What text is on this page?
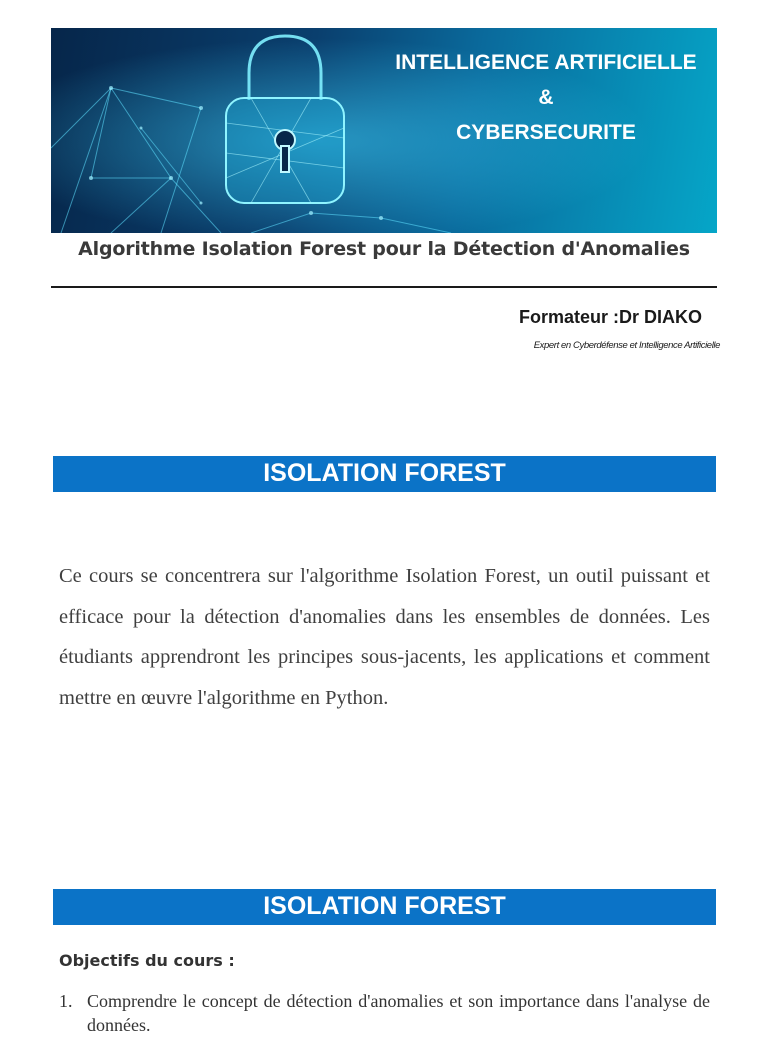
INTELLIGENCE ARTIFICIELLE
&
CYBERSECURITE
Algorithme Isolation Forest pour la Détection d'Anomalies
Formateur :Dr DIAKO
Expert en Cyberdéfense et Intelligence Artificielle
ISOLATION FOREST
Ce cours se concentrera sur l'algorithme Isolation Forest, un outil puissant et efficace pour la détection d'anomalies dans les ensembles de données. Les étudiants apprendront les principes sous-jacents, les applications et comment mettre en œuvre l'algorithme en Python.
ISOLATION FOREST
Objectifs du cours :
1. Comprendre le concept de détection d'anomalies et son importance dans l'analyse de données.
